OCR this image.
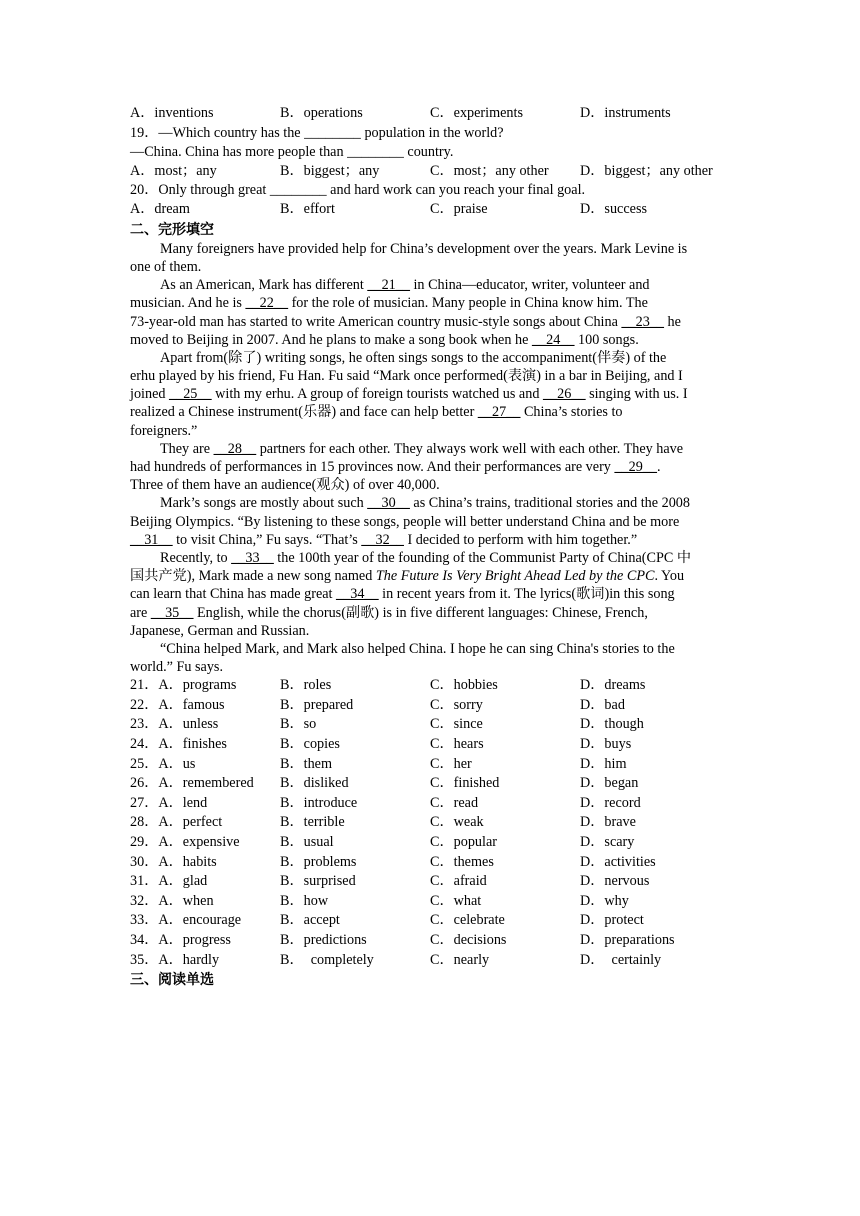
A．inventions	B．operations	C．experiments	D．instruments
19．—Which country has the ________ population in the world?
—China. China has more people than ________ country.
A．most；any	B．biggest；any	C．most；any other D．biggest；any other
20．Only through great ________ and hard work can you reach your final goal.
A．dream	B．effort	C．praise	D．success
二、完形填空
Many foreigners have provided help for China’s development over the years. Mark Levine is
one of them.
As an American, Mark has different __21__ in China—educator, writer, volunteer and
musician. And he is __22__ for the role of musician. Many people in China know him. The
73-year-old man has started to write American country music-style songs about China __23__ he
moved to Beijing in 2007. And he plans to make a song book when he __24__ 100 songs.
Apart from(除了) writing songs, he often sings songs to the accompaniment(伴奏) of the
erhu played by his friend, Fu Han. Fu said “Mark once performed(表演) in a bar in Beijing, and I
joined __25__ with my erhu. A group of foreign tourists watched us and __26__ singing with us. I
realized a Chinese instrument(乐器) and face can help better __27__ China’s stories to
foreigners.”
They are __28__ partners for each other. They always work well with each other. They have
had hundreds of performances in 15 provinces now. And their performances are very __29__.
Three of them have an audience(观众) of over 40,000.
Mark’s songs are mostly about such __30__ as China’s trains, traditional stories and the 2008
Beijing Olympics. “By listening to these songs, people will better understand China and be more
__31__ to visit China,” Fu says. “That’s __32__ I decided to perform with him together.”
Recently, to __33__ the 100th year of the founding of the Communist Party of China(CPC 中
国共产党), Mark made a new song named The Future Is Very Bright Ahead Led by the CPC. You
can learn that China has made great __34__ in recent years from it. The lyrics(歌词)in this song
are __35__ English, while the chorus(副歌) is in five different languages: Chinese, French,
Japanese, German and Russian.
“China helped Mark, and Mark also helped China. I hope he can sing China's stories to the
world.” Fu says.
21．A．programs	B．roles	C．hobbies	D．dreams
22．A．famous	B．prepared	C．sorry	D．bad
23．A．unless	B．so	C．since	D．though
24．A．finishes	B．copies	C．hears	D．buys
25．A．us	B．them	C．her	D．him
26．A．remembered B．disliked	C．finished	D．began
27．A．lend	B．introduce	C．read	D．record
28．A．perfect	B．terrible	C．weak	D．brave
29．A．expensive	B．usual	C．popular	D．scary
30．A．habits	B．problems	C．themes	D．activities
31．A．glad	B．surprised	C．afraid	D．nervous
32．A．when	B．how	C．what	D．why
33．A．encourage	B．accept	C．celebrate	D．protect
34．A．progress	B．predictions	C．decisions	D．preparations
35．A．hardly	B．　completely	C．nearly	D．　certainly
三、阅读单选
